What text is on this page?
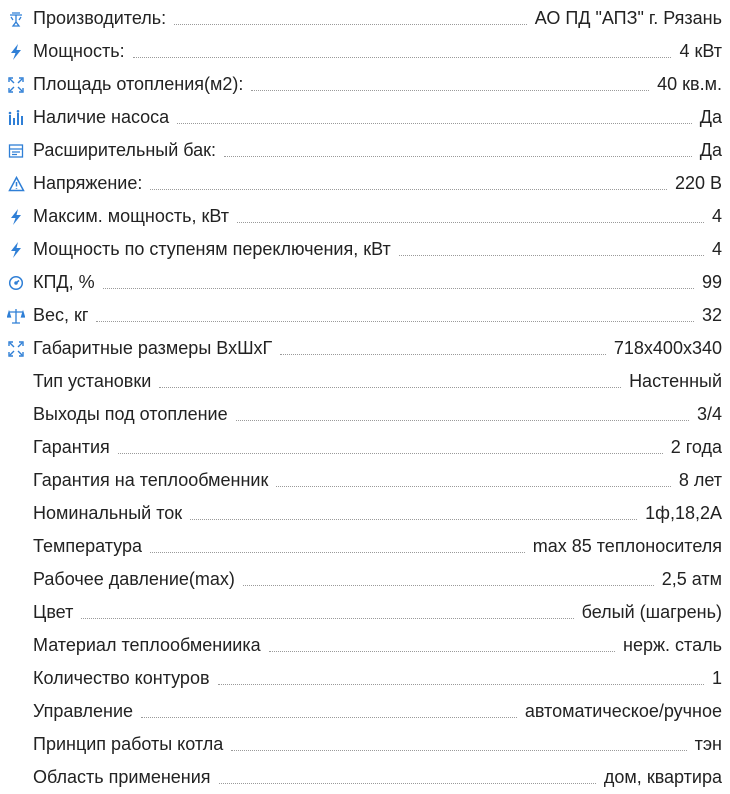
Производитель:	АО ПД "АПЗ" г. Рязань
Мощность:	4 кВт
Площадь отопления(м2):	40 кв.м.
Наличие насоса	Да
Расширительный бак:	Да
Напряжение:	220 В
Максим. мощность, кВт	4
Мощность по ступеням переключения, кВт	4
КПД, %	99
Вес, кг	32
Габаритные размеры ВхШхГ	718х400х340
Тип установки	Настенный
Выходы под отопление	3/4
Гарантия	2 года
Гарантия на теплообменник	8 лет
Номинальный ток	1ф,18,2А
Температура	max 85 теплоносителя
Рабочее давление(max)	2,5 атм
Цвет	белый (шагрень)
Материал теплообмениика	нерж. сталь
Количество контуров	1
Управление	автоматическое/ручное
Принцип работы котла	тэн
Область применения	дом, квартира
